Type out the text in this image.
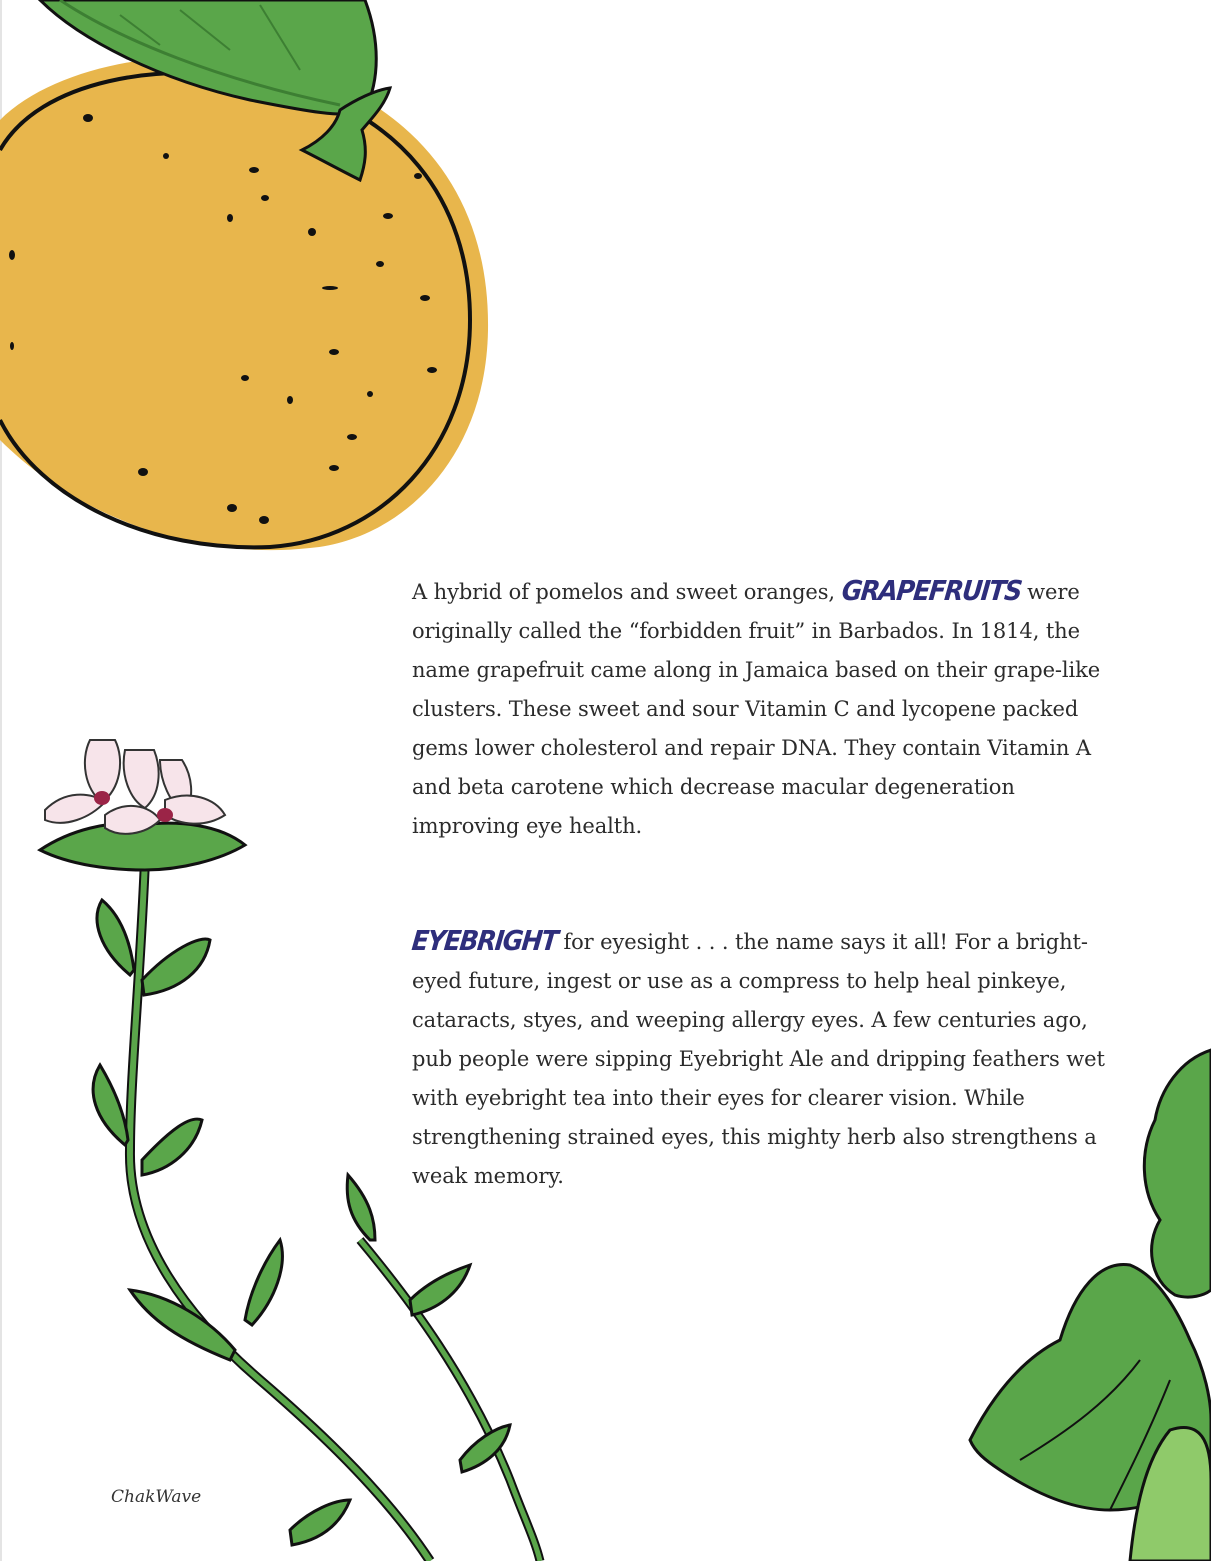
A hybrid of pomelos and sweet oranges, GRAPEFRUITS were originally called the “forbidden fruit” in Barbados. In 1814, the name grapefruit came along in Jamaica based on their grape-like clusters. These sweet and sour Vitamin C and lycopene packed gems lower cholesterol and repair DNA. They contain Vitamin A and beta carotene which decrease macular degeneration improving eye health.
EYEBRIGHT for eyesight . . . the name says it all! For a bright-eyed future, ingest or use as a compress to help heal pinkeye, cataracts, styes, and weeping allergy eyes. A few centuries ago, pub people were sipping Eyebright Ale and dripping feathers wet with eyebright tea into their eyes for clearer vision. While strengthening strained eyes, this mighty herb also strengthens a weak memory.
ChakWave
